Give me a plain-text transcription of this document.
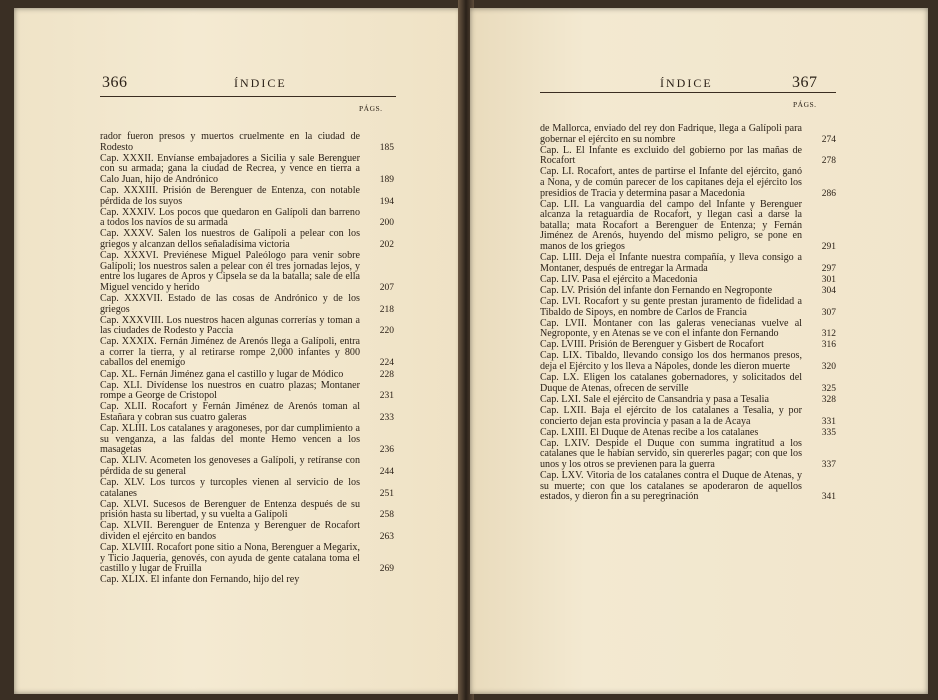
366	ÍNDICE
PÁGS.
rador fueron presos y muertos cruelmente en la ciudad de Rodesto	185
Cap. XXXII. Envíanse embajadores a Sicilia y sale Berenguer con su armada; gana la ciudad de Recrea, y vence en tierra a Calo Juan, hijo de Andrónico	189
Cap. XXXIII. Prisión de Berenguer de Entenza, con notable pérdida de los suyos	194
Cap. XXXIV. Los pocos que quedaron en Galípoli dan barreno a todos los navíos de su armada	200
Cap. XXXV. Salen los nuestros de Galípoli a pelear con los griegos y alcanzan dellos señaladísima victoria	202
Cap. XXXVI. Previénese Miguel Paleólogo para venir sobre Galípoli; los nuestros salen a pelear con él tres jornadas lejos, y entre los lugares de Apros y Cipsela se da la batalla; sale de ella Miguel vencido y herido	207
Cap. XXXVII. Estado de las cosas de Andrónico y de los griegos	218
Cap. XXXVIII. Los nuestros hacen algunas correrías y toman a las ciudades de Rodesto y Paccia	220
Cap. XXXIX. Fernán Jiménez de Arenós llega a Galípoli, entra a correr la tierra, y al retirarse rompe 2,000 infantes y 800 caballos del enemigo	224
Cap. XL. Fernán Jiménez gana el castillo y lugar de Módico	228
Cap. XLI. Divídense los nuestros en cuatro plazas; Montaner rompe a George de Cristopol	231
Cap. XLII. Rocafort y Fernán Jiménez de Arenós toman al Estañara y cobran sus cuatro galeras	233
Cap. XLIII. Los catalanes y aragoneses, por dar cumplimiento a su venganza, a las faldas del monte Hemo vencen a los masagetas	236
Cap. XLIV. Acometen los genoveses a Galípoli, y retíranse con pérdida de su general	244
Cap. XLV. Los turcos y turcoples vienen al servicio de los catalanes	251
Cap. XLVI. Sucesos de Berenguer de Entenza después de su prisión hasta su libertad, y su vuelta a Galípoli	258
Cap. XLVII. Berenguer de Entenza y Berenguer de Rocafort dividen el ejército en bandos	263
Cap. XLVIII. Rocafort pone sitio a Nona, Berenguer a Megarix, y Ticio Jaqueria, genovés, con ayuda de gente catalana toma el castillo y lugar de Fruilla	269
Cap. XLIX. El infante don Fernando, hijo del rey
ÍNDICE	367
PÁGS.
de Mallorca, enviado del rey don Fadrique, llega a Galípoli para gobernar el ejército en su nombre	274
Cap. L. El Infante es excluido del gobierno por las mañas de Rocafort	278
Cap. LI. Rocafort, antes de partirse el Infante del ejército, ganó a Nona, y de común parecer de los capitanes deja el ejército los presidios de Tracia y determina pasar a Macedonia	286
Cap. LII. La vanguardia del campo del Infante y Berenguer alcanza la retaguardia de Rocafort, y llegan casi a darse la batalla; mata Rocafort a Berenguer de Entenza; y Fernán Jiménez de Arenós, huyendo del mismo peligro, se pone en manos de los griegos	291
Cap. LIII. Deja el Infante nuestra compañía, y lleva consigo a Montaner, después de entregar la Armada	297
Cap. LIV. Pasa el ejército a Macedonia	301
Cap. LV. Prisión del infante don Fernando en Negroponte	304
Cap. LVI. Rocafort y su gente prestan juramento de fidelidad a Tibaldo de Sipoys, en nombre de Carlos de Francia	307
Cap. LVII. Montaner con las galeras venecianas vuelve al Negroponte, y en Atenas se ve con el infante don Fernando	312
Cap. LVIII. Prisión de Berenguer y Gisbert de Rocafort	316
Cap. LIX. Tibaldo, llevando consigo los dos hermanos presos, deja el Ejército y los lleva a Nápoles, donde les dieron muerte	320
Cap. LX. Eligen los catalanes gobernadores, y solicitados del Duque de Atenas, ofrecen de servílle	325
Cap. LXI. Sale el ejército de Cansandria y pasa a Tesalia	328
Cap. LXII. Baja el ejército de los catalanes a Tesalia, y por concierto dejan esta provincia y pasan a la de Acaya	331
Cap. LXIII. El Duque de Atenas recibe a los catalanes	335
Cap. LXIV. Despide el Duque con summa ingratitud a los catalanes que le habían servido, sin quererles pagar; con que los unos y los otros se previenen para la guerra	337
Cap. LXV. Vitoria de los catalanes contra el Duque de Atenas, y su muerte; con que los catalanes se apoderaron de aquellos estados, y dieron fin a su peregrinación	341
